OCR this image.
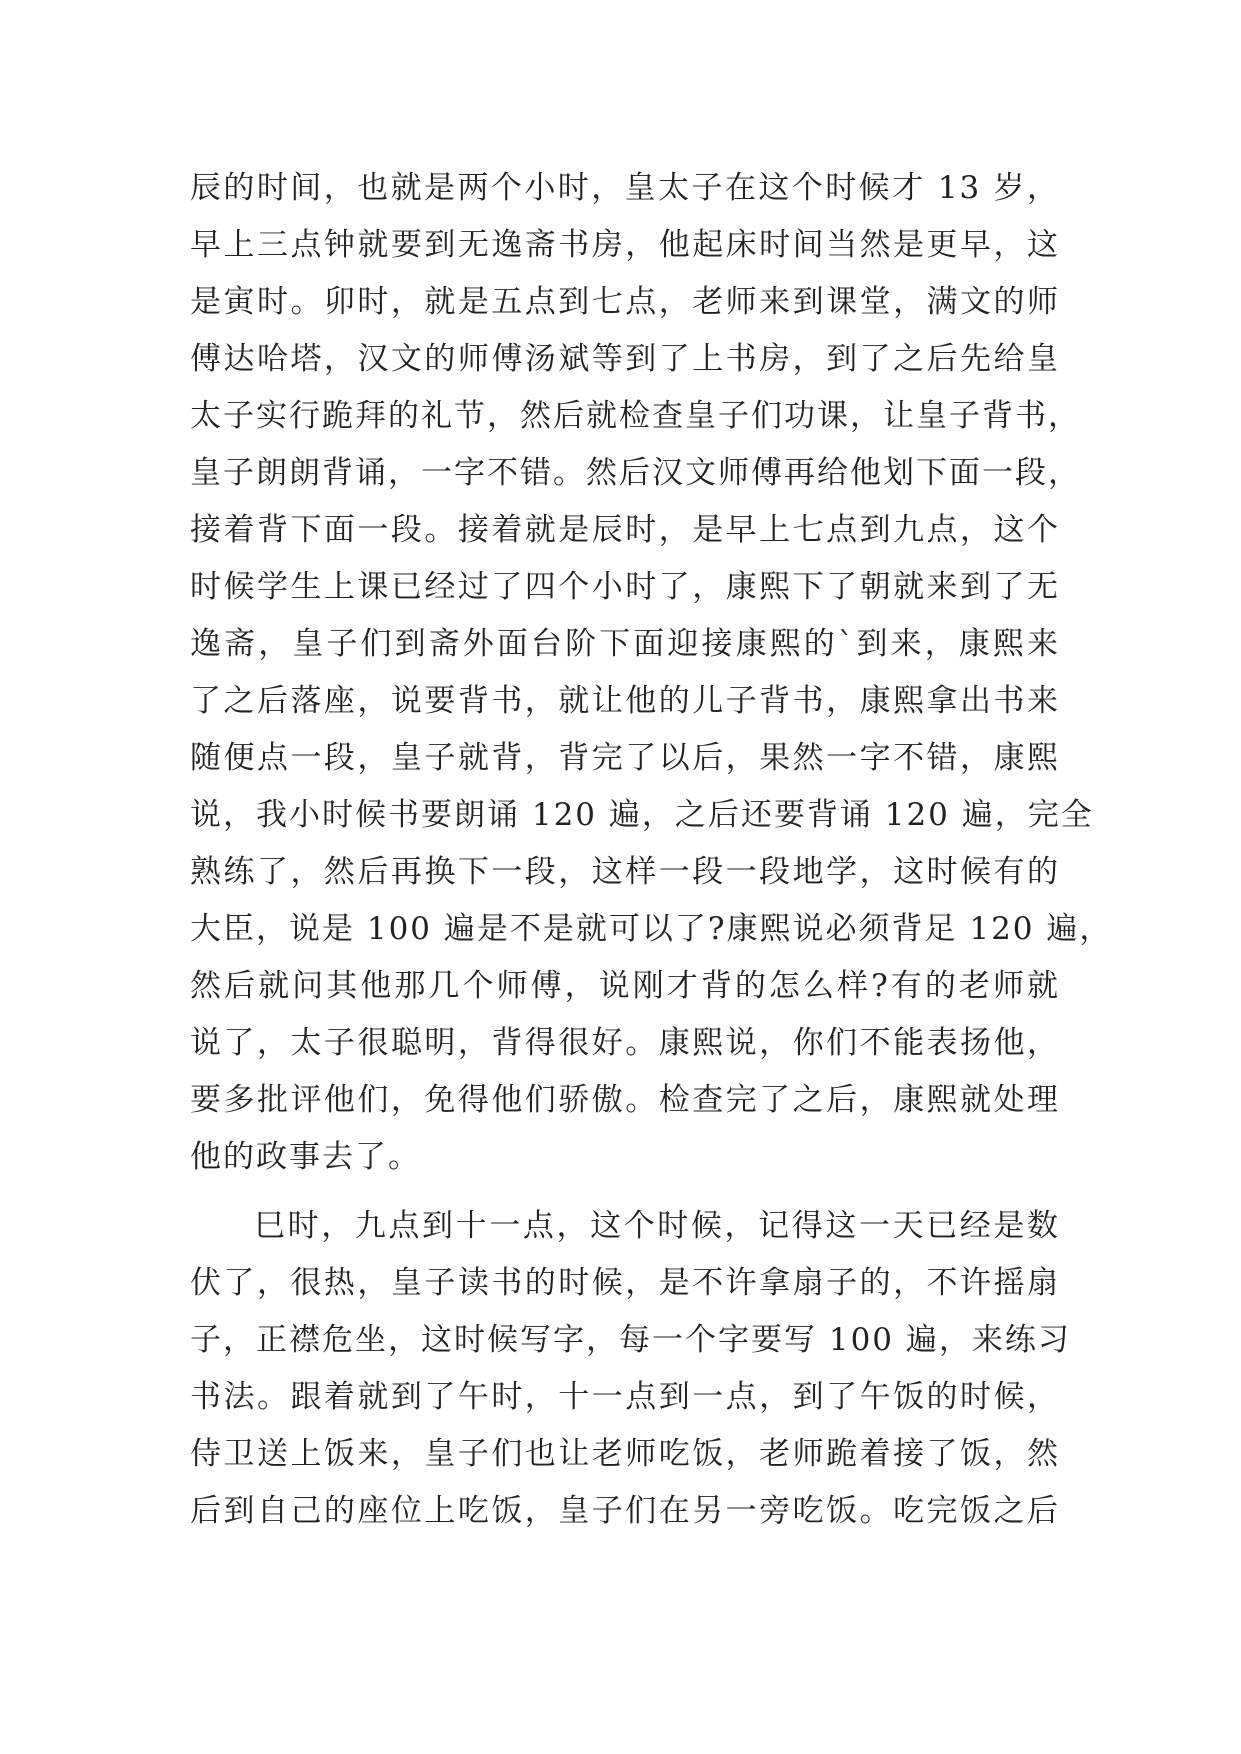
辰的时间，也就是两个小时，皇太子在这个时候才 13 岁，
早上三点钟就要到无逸斋书房，他起床时间当然是更早，这
是寅时。卯时，就是五点到七点，老师来到课堂，满文的师
傅达哈塔，汉文的师傅汤斌等到了上书房，到了之后先给皇
太子实行跪拜的礼节，然后就检查皇子们功课，让皇子背书，
皇子朗朗背诵，一字不错。然后汉文师傅再给他划下面一段，
接着背下面一段。接着就是辰时，是早上七点到九点，这个
时候学生上课已经过了四个小时了，康熙下了朝就来到了无
逸斋，皇子们到斋外面台阶下面迎接康熙的`到来，康熙来
了之后落座，说要背书，就让他的儿子背书，康熙拿出书来
随便点一段，皇子就背，背完了以后，果然一字不错，康熙
说，我小时候书要朗诵 120 遍，之后还要背诵 120 遍，完全
熟练了，然后再换下一段，这样一段一段地学，这时候有的
大臣，说是 100 遍是不是就可以了?康熙说必须背足 120 遍，
然后就问其他那几个师傅，说刚才背的怎么样?有的老师就
说了，太子很聪明，背得很好。康熙说，你们不能表扬他，
要多批评他们，免得他们骄傲。检查完了之后，康熙就处理
他的政事去了。
巳时，九点到十一点，这个时候，记得这一天已经是数
伏了，很热，皇子读书的时候，是不许拿扇子的，不许摇扇
子，正襟危坐，这时候写字，每一个字要写 100 遍，来练习
书法。跟着就到了午时，十一点到一点，到了午饭的时候，
侍卫送上饭来，皇子们也让老师吃饭，老师跪着接了饭，然
后到自己的座位上吃饭，皇子们在另一旁吃饭。吃完饭之后
